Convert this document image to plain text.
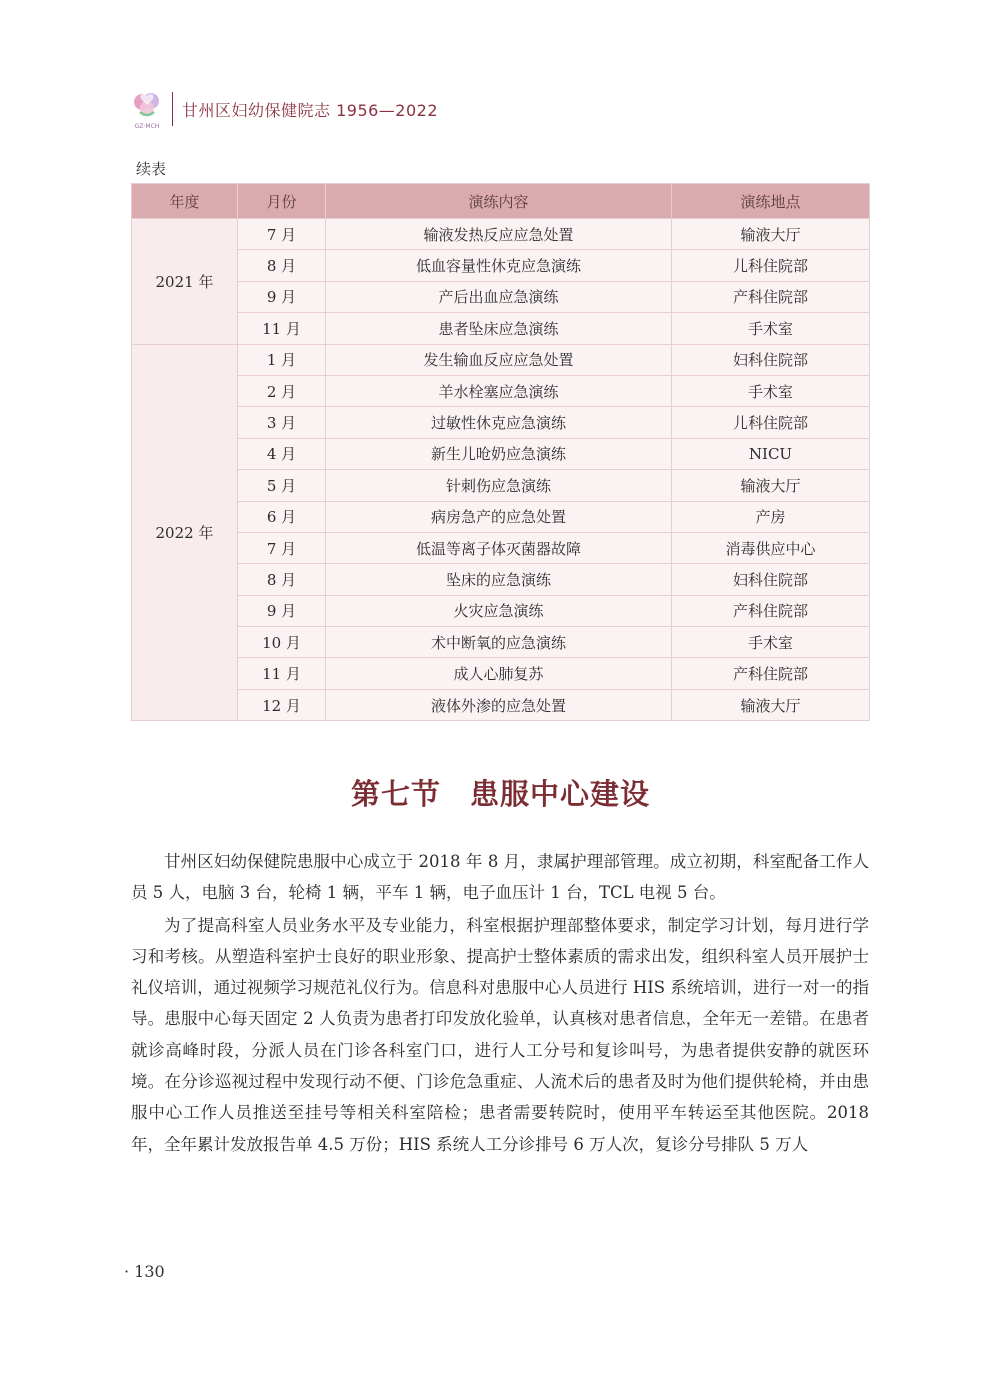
GZ·MCH
甘州区妇幼保健院志 1956—2022
续表
年度	月份	演练内容	演练地点
2021 年	7 月	输液发热反应应急处置	输液大厅
	8 月	低血容量性休克应急演练	儿科住院部
	9 月	产后出血应急演练	产科住院部
	11 月	患者坠床应急演练	手术室
2022 年	1 月	发生输血反应应急处置	妇科住院部
	2 月	羊水栓塞应急演练	手术室
	3 月	过敏性休克应急演练	儿科住院部
	4 月	新生儿呛奶应急演练	NICU
	5 月	针刺伤应急演练	输液大厅
	6 月	病房急产的应急处置	产房
	7 月	低温等离子体灭菌器故障	消毒供应中心
	8 月	坠床的应急演练	妇科住院部
	9 月	火灾应急演练	产科住院部
	10 月	术中断氧的应急演练	手术室
	11 月	成人心肺复苏	产科住院部
	12 月	液体外渗的应急处置	输液大厅
第七节 患服中心建设

甘州区妇幼保健院患服中心成立于 2018 年 8 月，隶属护理部管理。成立初期，科室配备工作人员 5 人，电脑 3 台，轮椅 1 辆，平车 1 辆，电子血压计 1 台，TCL 电视 5 台。

为了提高科室人员业务水平及专业能力，科室根据护理部整体要求，制定学习计划，每月进行学习和考核。从塑造科室护士良好的职业形象、提高护士整体素质的需求出发，组织科室人员开展护士礼仪培训，通过视频学习规范礼仪行为。信息科对患服中心人员进行 HIS 系统培训，进行一对一的指导。患服中心每天固定 2 人负责为患者打印发放化验单，认真核对患者信息，全年无一差错。在患者就诊高峰时段，分派人员在门诊各科室门口，进行人工分号和复诊叫号，为患者提供安静的就医环境。在分诊巡视过程中发现行动不便、门诊危急重症、人流术后的患者及时为他们提供轮椅，并由患服中心工作人员推送至挂号等相关科室陪检；患者需要转院时，使用平车转运至其他医院。2018 年，全年累计发放报告单 4.5 万份；HIS 系统人工分诊排号 6 万人次，复诊分号排队 5 万人

· 130
